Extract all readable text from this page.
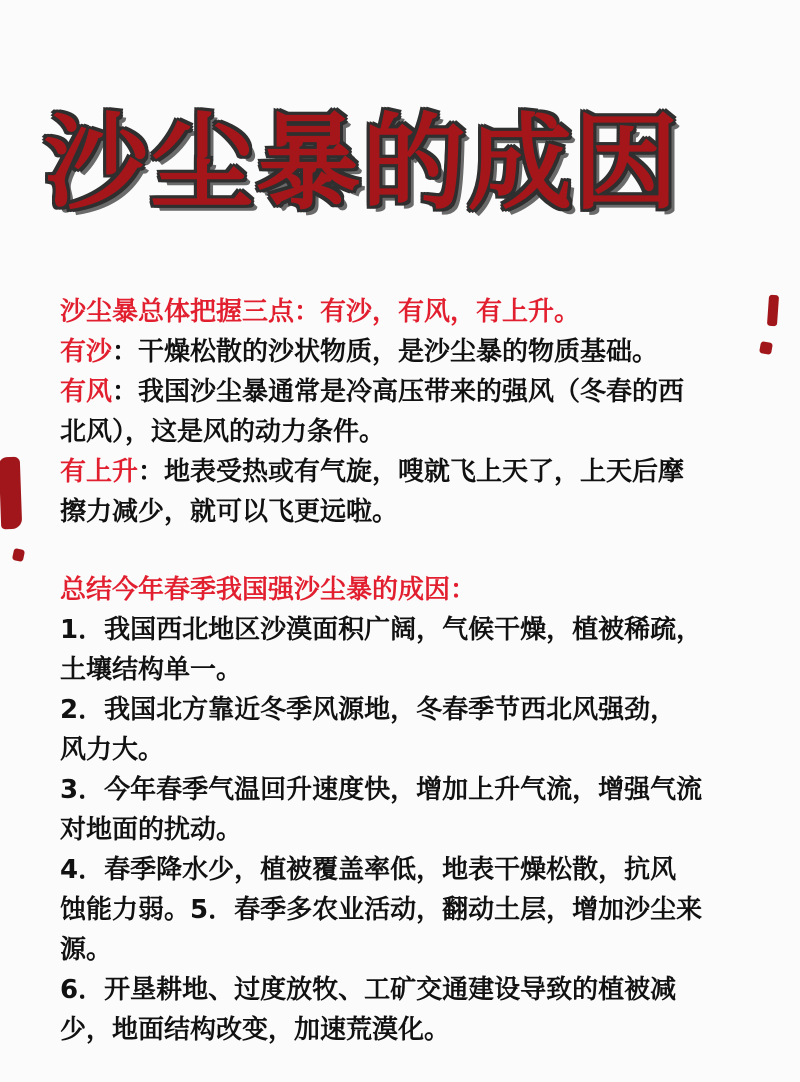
沙尘暴的成因
沙尘暴总体把握三点：有沙，有风，有上升。
有沙：干燥松散的沙状物质，是沙尘暴的物质基础。
有风：我国沙尘暴通常是冷高压带来的强风（冬春的西
北风），这是风的动力条件。
有上升：地表受热或有气旋，嗖就飞上天了，上天后摩
擦力减少，就可以飞更远啦。
总结今年春季我国强沙尘暴的成因：
1．我国西北地区沙漠面积广阔，气候干燥，植被稀疏，
土壤结构单一。
2．我国北方靠近冬季风源地，冬春季节西北风强劲，
风力大。
3．今年春季气温回升速度快，增加上升气流，增强气流
对地面的扰动。
4．春季降水少，植被覆盖率低，地表干燥松散，抗风
蚀能力弱。5．春季多农业活动，翻动土层，增加沙尘来
源。
6．开垦耕地、过度放牧、工矿交通建设导致的植被减
少，地面结构改变，加速荒漠化。
